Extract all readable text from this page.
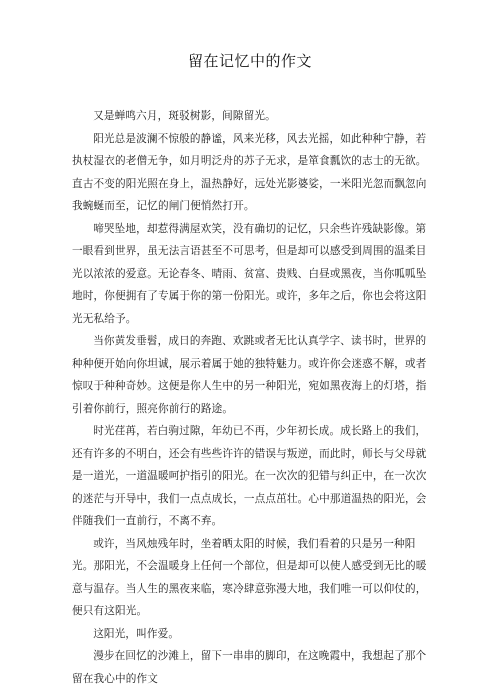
留在记忆中的作文

又是蝉鸣六月，斑驳树影，间隙留光。

阳光总是波澜不惊般的静谧，风来光移，风去光摇，如此种种宁静，若执杖湿衣的老僧无争，如月明泛舟的苏子无求，是箪食瓢饮的志士的无欲。直古不变的阳光照在身上，温热静好，远处光影婆娑，一米阳光忽而飘忽向我蜿蜒而至，记忆的闸门便悄然打开。

啼哭坠地，却惹得满屋欢笑，没有确切的记忆，只余些许残缺影像。第一眼看到世界，虽无法言语甚至不可思考，但是却可以感受到周围的温柔目光以浓浓的爱意。无论春冬、晴雨、贫富、贵贱、白昼或黑夜，当你呱呱坠地时，你便拥有了专属于你的第一份阳光。或许，多年之后，你也会将这阳光无私给予。

当你黄发垂髫，成日的奔跑、欢跳或者无比认真学字、读书时，世界的种种便开始向你坦诚，展示着属于她的独特魅力。或许你会迷惑不解，或者惊叹于种种奇妙。这便是你人生中的另一种阳光，宛如黑夜海上的灯塔，指引着你前行，照亮你前行的路途。

时光荏苒，若白驹过隙，年幼已不再，少年初长成。成长路上的我们，还有许多的不明白，还会有些些许许的错误与叛逆，而此时，师长与父母就是一道光，一道温暖呵护指引的阳光。在一次次的犯错与纠正中，在一次次的迷茫与开导中，我们一点点成长，一点点茁壮。心中那道温热的阳光，会伴随我们一直前行，不离不弃。

或许，当风烛残年时，坐着晒太阳的时候，我们看着的只是另一种阳光。那阳光，不会温暖身上任何一个部位，但是却可以使人感受到无比的暖意与温存。当人生的黑夜来临，寒冷肆意弥漫大地，我们唯一可以仰仗的，便只有这阳光。

这阳光，叫作爱。

漫步在回忆的沙滩上，留下一串串的脚印，在这晚霞中，我想起了那个留在我心中的作文
